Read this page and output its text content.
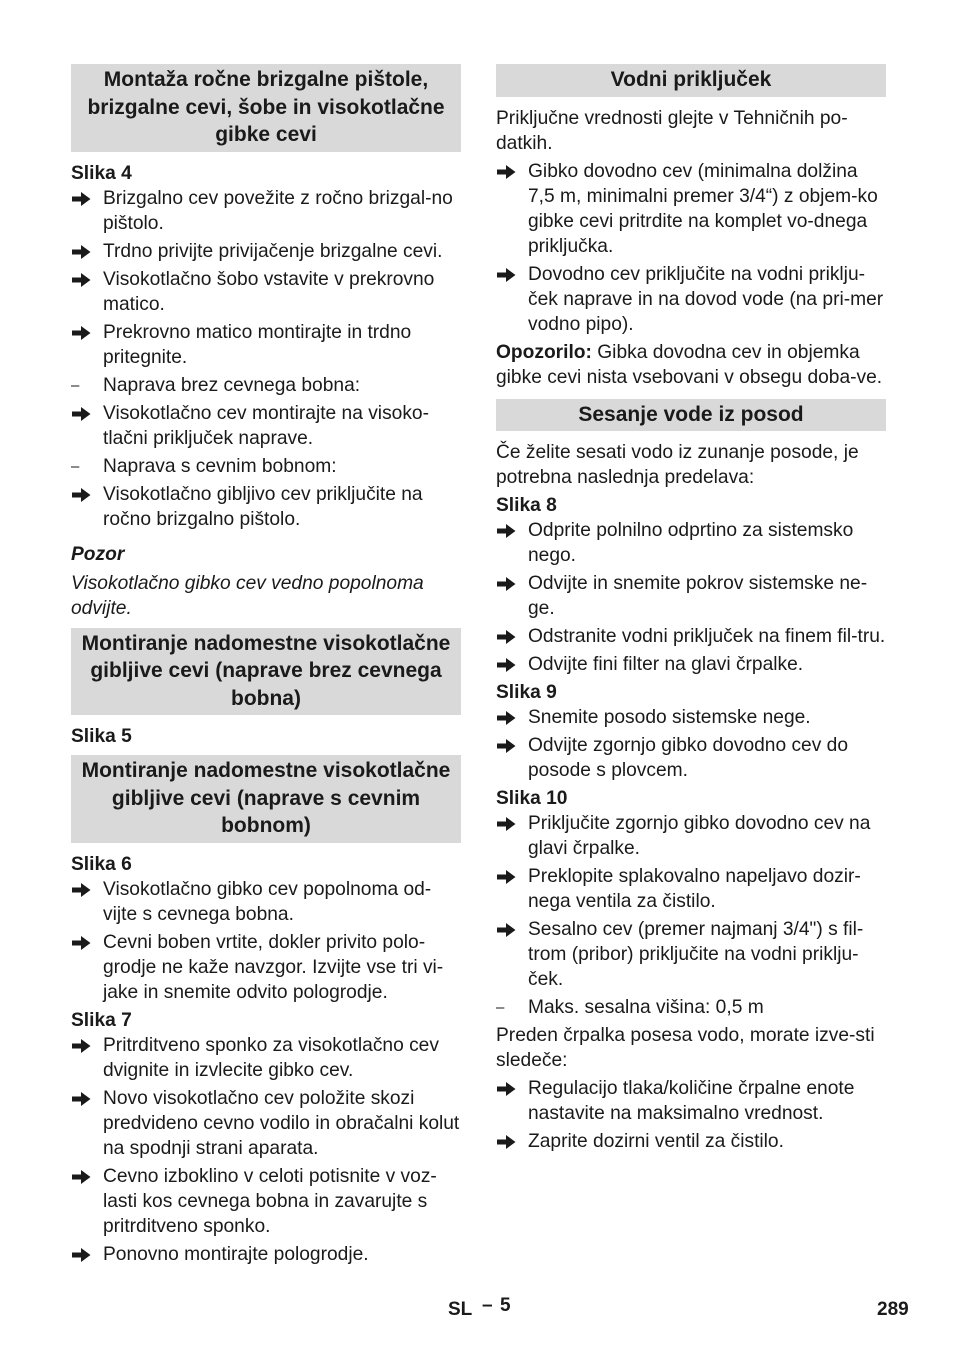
Montaža ročne brizgalne pištole, brizgalne cevi, šobe in visokotlačne gibke cevi

Slika 4

Brizgalno cev povežite z ročno brizgal-no pištolo.
Trdno privijte privijačenje brizgalne cevi.
Visokotlačno šobo vstavite v prekrovno matico.
Prekrovno matico montirajte in trdno pritegnite.
–	Naprava brez cevnega bobna:
Visokotlačno cev montirajte na visoko-tlačni priključek naprave.
–	Naprava s cevnim bobnom:
Visokotlačno gibljivo cev priključite na ročno brizgalno pištolo.

Pozor

Visokotlačno gibko cev vedno popolnoma odvijte.

Montiranje nadomestne visokotlačne gibljive cevi (naprave brez cevnega bobna)

Slika 5

Montiranje nadomestne visokotlačne gibljive cevi (naprave s cevnim bobnom)

Slika 6

Visokotlačno gibko cev popolnoma od-vijte s cevnega bobna.
Cevni boben vrtite, dokler privito polo-grodje ne kaže navzgor. Izvijte vse tri vi-jake in snemite odvito pologrodje.

Slika 7

Pritrditveno sponko za visokotlačno cev dvignite in izvlecite gibko cev.
Novo visokotlačno cev položite skozi predvideno cevno vodilo in obračalni kolut na spodnji strani aparata.
Cevno izboklino v celoti potisnite v voz-lasti kos cevnega bobna in zavarujte s pritrditveno sponko.
Ponovno montirajte pologrodje.
Vodni priključek

Priključne vrednosti glejte v Tehničnih po-datkih.

Gibko dovodno cev (minimalna dolžina 7,5 m, minimalni premer 3/4“) z objem-ko gibke cevi pritrdite na komplet vo-dnega priključka.
Dovodno cev priključite na vodni priklju-ček naprave in na dovod vode (na pri-mer vodno pipo).

Opozorilo: Gibka dovodna cev in objemka gibke cevi nista vsebovani v obsegu doba-ve.

Sesanje vode iz posod

Če želite sesati vodo iz zunanje posode, je potrebna naslednja predelava:

Slika 8

Odprite polnilno odprtino za sistemsko nego.
Odvijte in snemite pokrov sistemske ne-ge.
Odstranite vodni priključek na finem fil-tru.
Odvijte fini filter na glavi črpalke.

Slika 9

Snemite posodo sistemske nege.
Odvijte zgornjo gibko dovodno cev do posode s plovcem.

Slika 10

Priključite zgornjo gibko dovodno cev na glavi črpalke.
Preklopite splakovalno napeljavo dozir-nega ventila za čistilo.
Sesalno cev (premer najmanj 3/4") s fil-trom (pribor) priključite na vodni priklju-ček.
–	Maks. sesalna višina: 0,5 m

Preden črpalka posesa vodo, morate izve-sti sledeče:

Regulacijo tlaka/količine črpalne enote nastavite na maksimalno vrednost.
Zaprite dozirni ventil za čistilo.
SL – 5	289
